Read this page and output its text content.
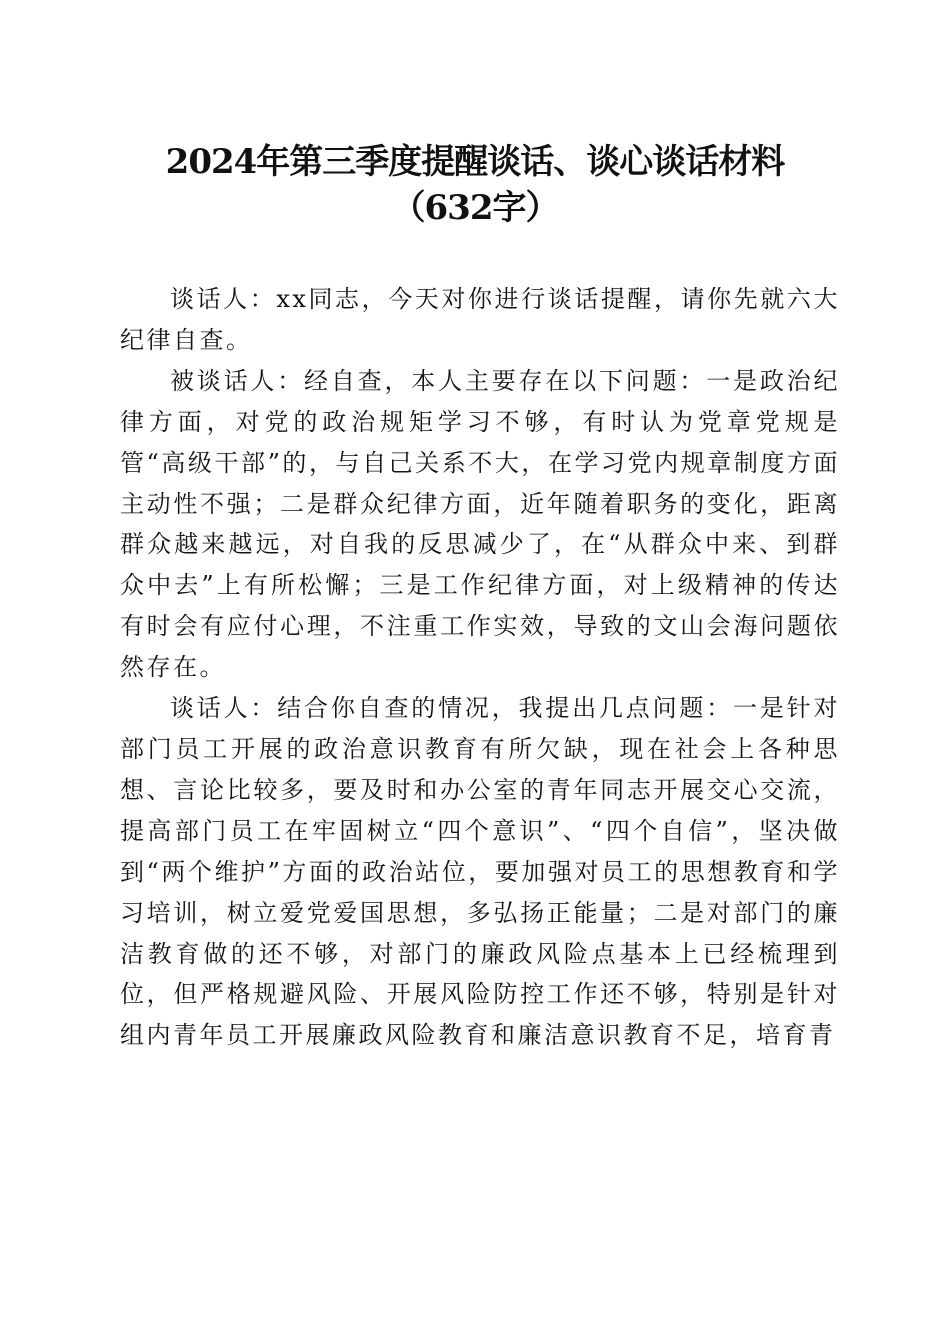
2024年第三季度提醒谈话、谈心谈话材料
（632字）

谈话人：xx同志，今天对你进行谈话提醒，请你先就六大纪律自查。

被谈话人：经自查，本人主要存在以下问题：一是政治纪律方面，对党的政治规矩学习不够，有时认为党章党规是管“高级干部”的，与自己关系不大，在学习党内规章制度方面主动性不强；二是群众纪律方面，近年随着职务的变化，距离群众越来越远，对自我的反思减少了，在“从群众中来、到群众中去”上有所松懈；三是工作纪律方面，对上级精神的传达有时会有应付心理，不注重工作实效，导致的文山会海问题依然存在。

谈话人：结合你自查的情况，我提出几点问题：一是针对部门员工开展的政治意识教育有所欠缺，现在社会上各种思想、言论比较多，要及时和办公室的青年同志开展交心交流，提高部门员工在牢固树立“四个意识”、“四个自信”，坚决做到“两个维护”方面的政治站位，要加强对员工的思想教育和学习培训，树立爱党爱国思想，多弘扬正能量；二是对部门的廉洁教育做的还不够，对部门的廉政风险点基本上已经梳理到位，但严格规避风险、开展风险防控工作还不够，特别是针对组内青年员工开展廉政风险教育和廉洁意识教育不足，培育青
